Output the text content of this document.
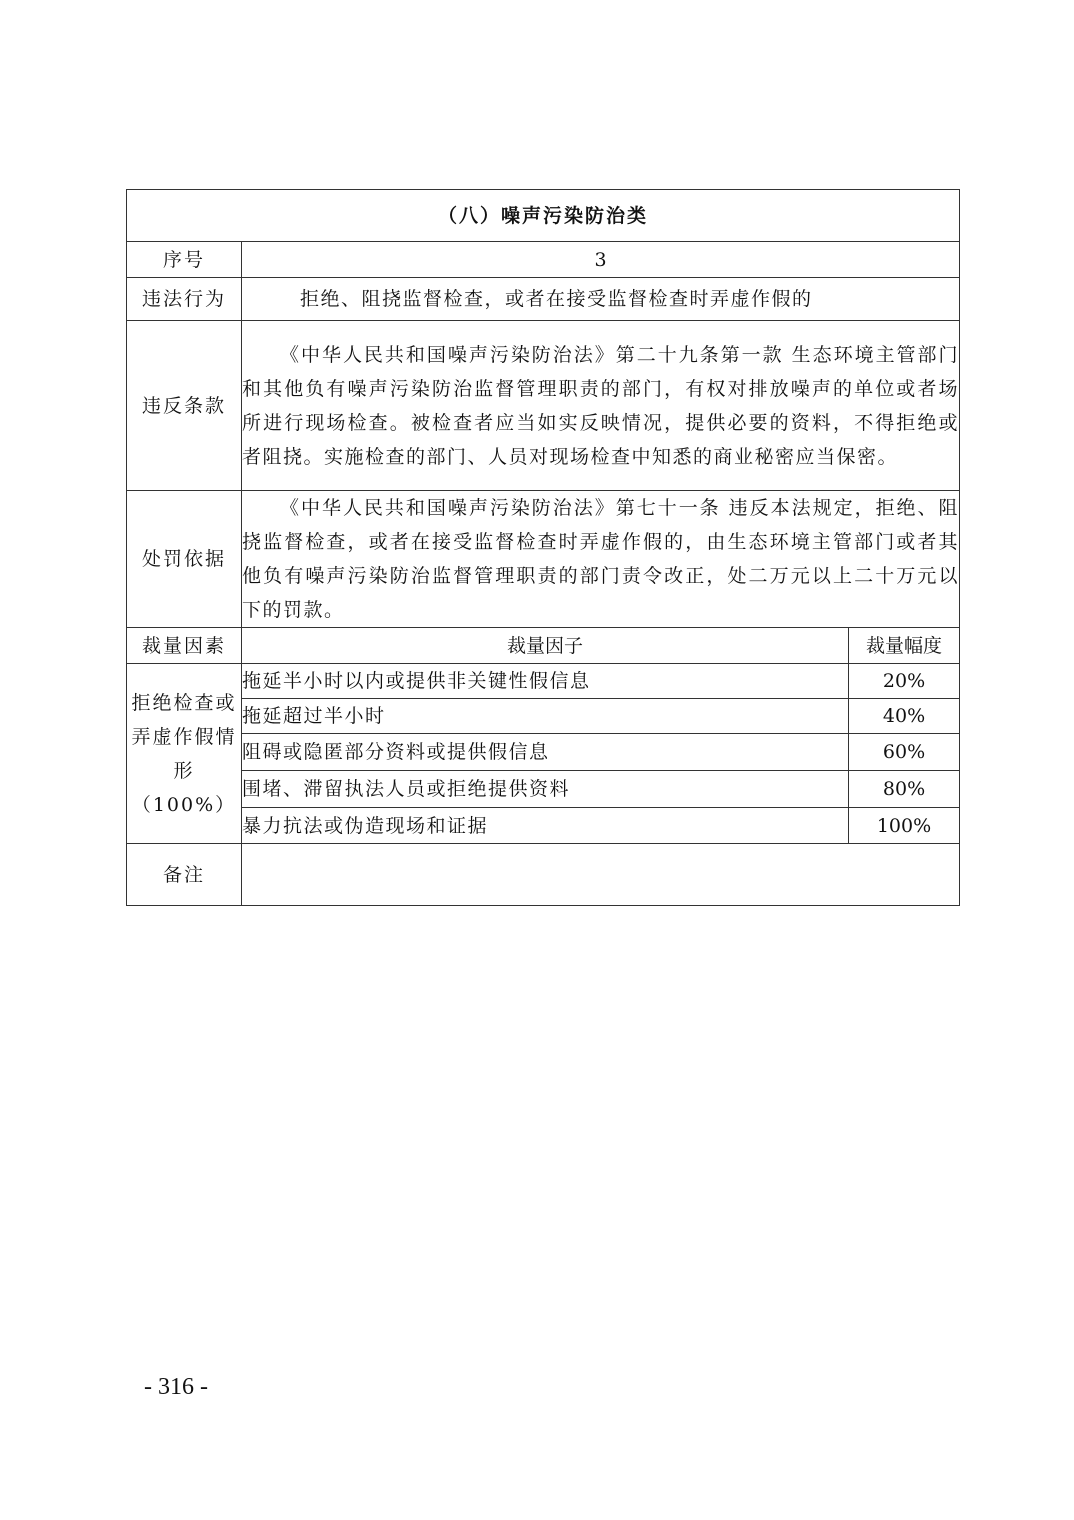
（八）噪声污染防治类		
序号	3	
违法行为	拒绝、阻挠监督检查，或者在接受监督检查时弄虚作假的	

违反条款	《中华人民共和国噪声污染防治法》第二十九条第一款 生态环境主管部门和其他负有噪声污染防治监督管理职责的部门，有权对排放噪声的单位或者场所进行现场检查。被检查者应当如实反映情况，提供必要的资料，不得拒绝或者阻挠。实施检查的部门、人员对现场检查中知悉的商业秘密应当保密。	

处罚依据	《中华人民共和国噪声污染防治法》第七十一条 违反本法规定，拒绝、阻挠监督检查，或者在接受监督检查时弄虚作假的，由生态环境主管部门或者其他负有噪声污染防治监督管理职责的部门责令改正，处二万元以上二十万元以下的罚款。	

裁量因素	裁量因子	裁量幅度
拒绝检查或弄虚作假情形（100%）	拖延半小时以内或提供非关键性假信息	20%
	拖延超过半小时	40%
	阻碍或隐匿部分资料或提供假信息	60%
	围堵、滞留执法人员或拒绝提供资料	80%
	暴力抗法或伪造现场和证据	100%
备注		
- 316 -
